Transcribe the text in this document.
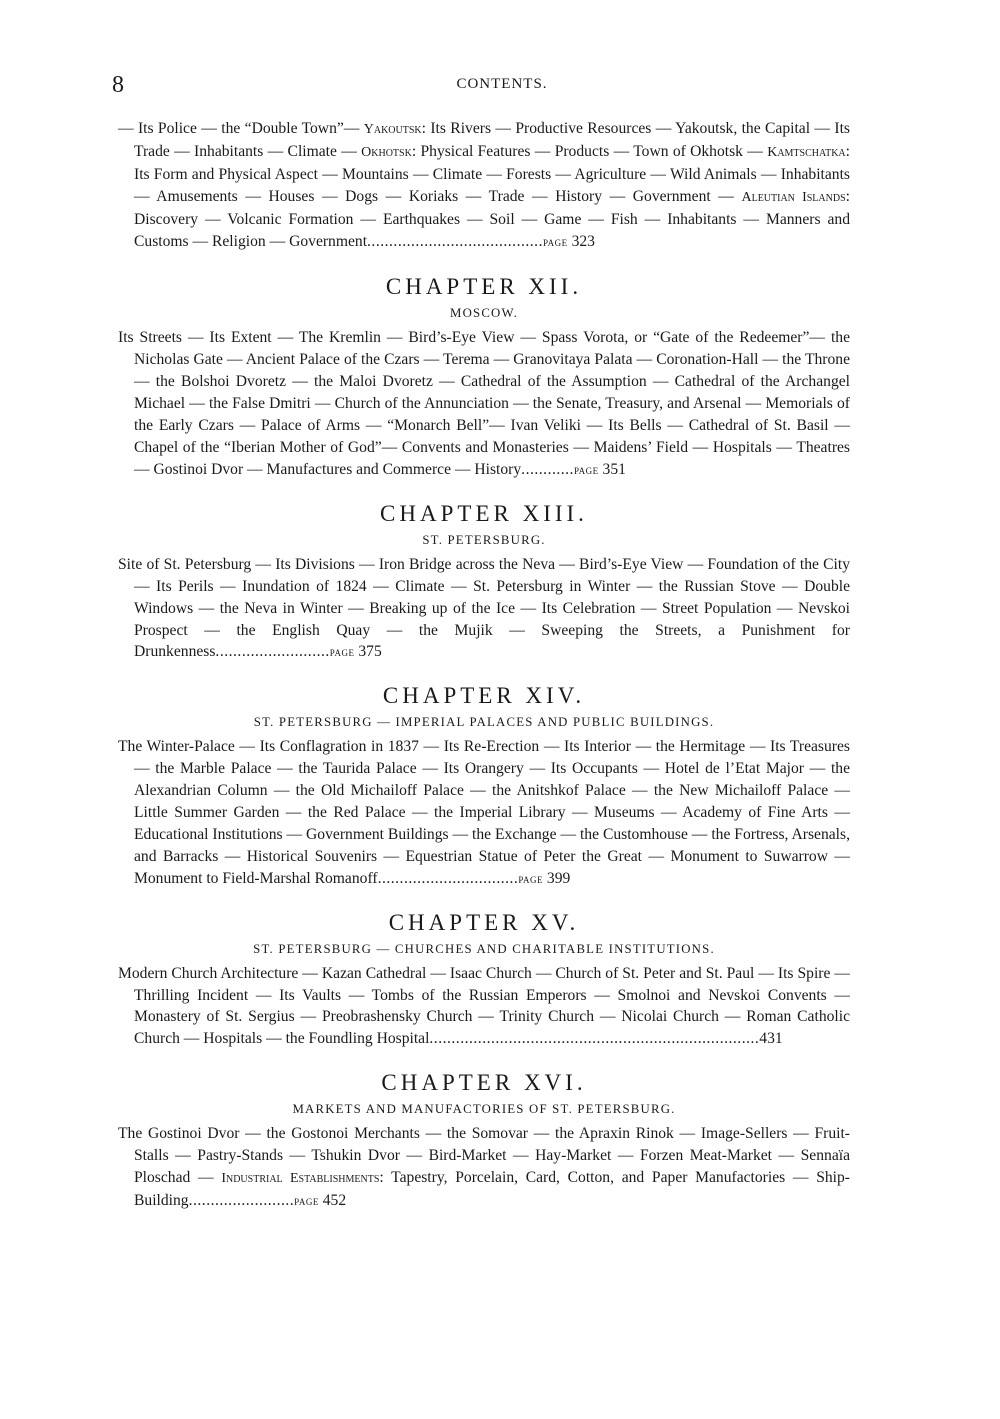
8	CONTENTS.

— Its Police — the “Double Town”— Yakoutsk: Its Rivers — Productive Resources — Yakoutsk, the Capital — Its Trade — Inhabitants — Climate — Okhotsk: Physical Features — Products — Town of Okhotsk — Kamtschatka: Its Form and Physical Aspect — Mountains — Climate — Forests — Agriculture — Wild Animals — Inhabitants — Amusements — Houses — Dogs — Koriaks — Trade — History — Government — Aleutian Islands: Discovery — Volcanic Formation — Earthquakes — Soil — Game — Fish — Inhabitants — Manners and Customs — Religion — Government........................................page 323

CHAPTER XII.
MOSCOW.

Its Streets — Its Extent — The Kremlin — Bird’s-Eye View — Spass Vorota, or “Gate of the Redeemer”— the Nicholas Gate — Ancient Palace of the Czars — Terema — Granovitaya Palata — Coronation-Hall — the Throne — the Bolshoi Dvoretz — the Maloi Dvoretz — Cathedral of the Assumption — Cathedral of the Archangel Michael — the False Dmitri — Church of the Annunciation — the Senate, Treasury, and Arsenal — Memorials of the Early Czars — Palace of Arms — “Monarch Bell”— Ivan Veliki — Its Bells — Cathedral of St. Basil — Chapel of the “Iberian Mother of God”— Convents and Monasteries — Maidens’ Field — Hospitals — Theatres — Gostinoi Dvor — Manufactures and Commerce — History............page 351

CHAPTER XIII.
ST. PETERSBURG.

Site of St. Petersburg — Its Divisions — Iron Bridge across the Neva — Bird’s-Eye View — Foundation of the City — Its Perils — Inundation of 1824 — Climate — St. Petersburg in Winter — the Russian Stove — Double Windows — the Neva in Winter — Breaking up of the Ice — Its Celebration — Street Population — Nevskoi Prospect — the English Quay — the Mujik — Sweeping the Streets, a Punishment for Drunkenness..........................page 375

CHAPTER XIV.
ST. PETERSBURG — IMPERIAL PALACES AND PUBLIC BUILDINGS.

The Winter-Palace — Its Conflagration in 1837 — Its Re-Erection — Its Interior — the Hermitage — Its Treasures — the Marble Palace — the Taurida Palace — Its Orangery — Its Occupants — Hotel de l’Etat Major — the Alexandrian Column — the Old Michailoff Palace — the Anitshkof Palace — the New Michailoff Palace — Little Summer Garden — the Red Palace — the Imperial Library — Museums — Academy of Fine Arts — Educational Institutions — Government Buildings — the Exchange — the Customhouse — the Fortress, Arsenals, and Barracks — Historical Souvenirs — Equestrian Statue of Peter the Great — Monument to Suwarrow — Monument to Field-Marshal Romanoff................................page 399

CHAPTER XV.
ST. PETERSBURG — CHURCHES AND CHARITABLE INSTITUTIONS.

Modern Church Architecture — Kazan Cathedral — Isaac Church — Church of St. Peter and St. Paul — Its Spire — Thrilling Incident — Its Vaults — Tombs of the Russian Emperors — Smolnoi and Nevskoi Convents — Monastery of St. Sergius — Preobrashensky Church — Trinity Church — Nicolai Church — Roman Catholic Church — Hospitals — the Foundling Hospital...........................................................................431

CHAPTER XVI.
MARKETS AND MANUFACTORIES OF ST. PETERSBURG.

The Gostinoi Dvor — the Gostonoi Merchants — the Somovar — the Apraxin Rinok — Image-Sellers — Fruit-Stalls — Pastry-Stands — Tshukin Dvor — Bird-Market — Hay-Market — Forzen Meat-Market — Sennaïa Ploschad — Industrial Establishments: Tapestry, Porcelain, Card, Cotton, and Paper Manufactories — Ship-Building........................page 452
